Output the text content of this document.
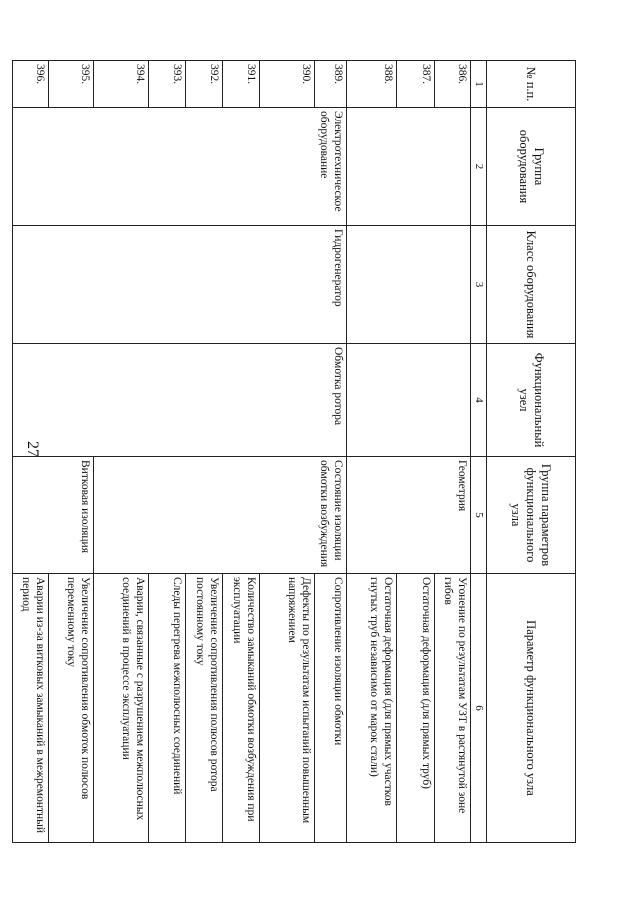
27
№ п.п.	Группа оборудования	Класс оборудования	Функциональный узел	Группа параметров функционального узла	Параметр функционального узла
1	2	3	4	5	6
386.				Геометрия	Угонение по результатам УЗТ в растянутой зоне гибов
387.					Остаточная деформация (для прямых труб)
388.					Остаточная деформация (для прямых участков гнутых труб независимо от марок стали)
389.	Электротехническое оборудование	Гидрогенератор	Обмотка ротора	Состояние изоляции обмотки возбуждения	Сопротивление изоляции обмотки
390.					Дефекты по результатам испытаний повышенным напряжением
391.					Количество замыканий обмотки возбуждения при эксплуатации
392.					Увеличение сопротивления полюсов ротора постоянному току
393.					Следы перегрева межполюсных соединений
394.					Аварии, связанные с разрушением межполюсных соединений в процессе эксплуатации
395.				Витковая изоляция	Увеличение сопротивления обмоток полюсов переменному току
396.					Аварии из-за витковых замыканий в межремонтный период
